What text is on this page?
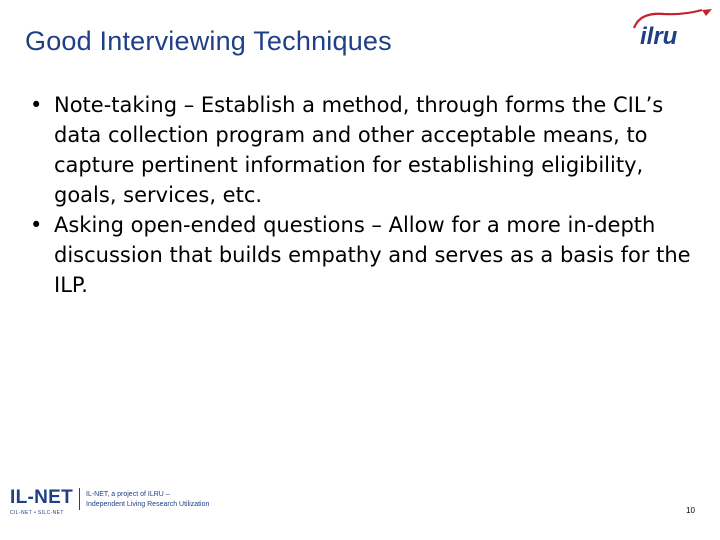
Good Interviewing Techniques	ilru
• Note-taking – Establish a method, through forms the CIL’s data collection program and other acceptable means, to capture pertinent information for establishing eligibility, goals, services, etc.
• Asking open-ended questions – Allow for a more in-depth discussion that builds empathy and serves as a basis for the ILP.
IL-NET
CIL-NET • SILC-NET
IL-NET, a project of ILRU –
Independent Living Research Utilization
10
